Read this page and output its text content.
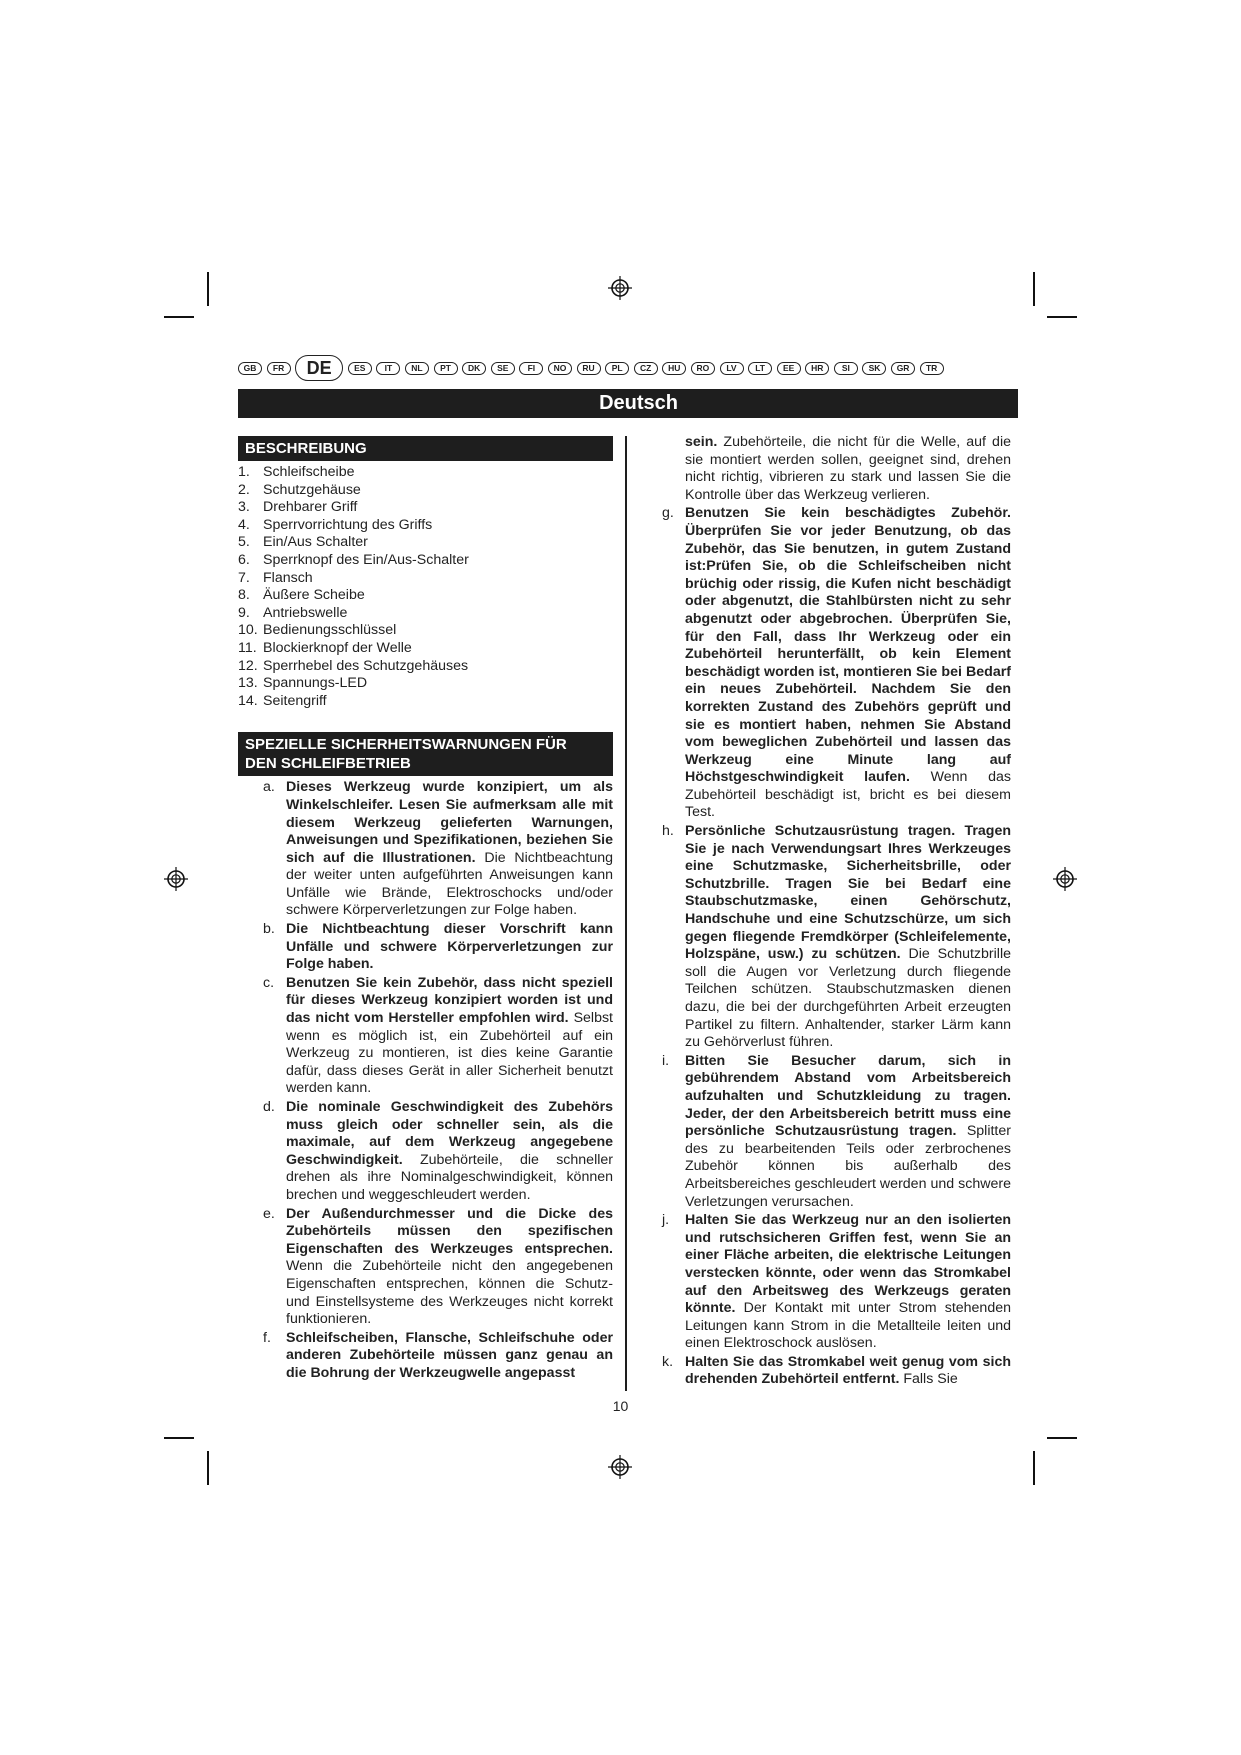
GB	FR	DE	ES	IT	NL	PT	DK	SE	FI	NO	RU	PL	CZ	HU	RO	LV	LT	EE	HR	SI	SK	GR	TR
Deutsch
BESCHREIBUNG
1. Schleifscheibe
2. Schutzgehäuse
3. Drehbarer Griff
4. Sperrvorrichtung des Griffs
5. Ein/Aus Schalter
6. Sperrknopf des Ein/Aus-Schalter
7. Flansch
8. Äußere Scheibe
9. Antriebswelle
10. Bedienungsschlüssel
11. Blockierknopf der Welle
12. Sperrhebel des Schutzgehäuses
13. Spannungs-LED
14. Seitengriff
SPEZIELLE SICHERHEITSWARNUNGEN FÜR
DEN SCHLEIFBETRIEB
a. Dieses Werkzeug wurde konzipiert, um als Winkelschleifer. Lesen Sie aufmerksam alle mit diesem Werkzeug gelieferten Warnungen, Anweisungen und Spezifikationen, beziehen Sie sich auf die Illustrationen. Die Nichtbeachtung der weiter unten aufgeführten Anweisungen kann Unfälle wie Brände, Elektroschocks und/oder schwere Körperverletzungen zur Folge haben.
b. Die Nichtbeachtung dieser Vorschrift kann Unfälle und schwere Körperverletzungen zur Folge haben.
c. Benutzen Sie kein Zubehör, dass nicht speziell für dieses Werkzeug konzipiert worden ist und das nicht vom Hersteller empfohlen wird. Selbst wenn es möglich ist, ein Zubehörteil auf ein Werkzeug zu montieren, ist dies keine Garantie dafür, dass dieses Gerät in aller Sicherheit benutzt werden kann.
d. Die nominale Geschwindigkeit des Zubehörs muss gleich oder schneller sein, als die maximale, auf dem Werkzeug angegebene Geschwindigkeit. Zubehörteile, die schneller drehen als ihre Nominalgeschwindigkeit, können brechen und weggeschleudert werden.
e. Der Außendurchmesser und die Dicke des Zubehörteils müssen den spezifischen Eigenschaften des Werkzeuges entsprechen. Wenn die Zubehörteile nicht den angegebenen Eigenschaften entsprechen, können die Schutz- und Einstellsysteme des Werkzeuges nicht korrekt funktionieren.
f.	Schleifscheiben, Flansche, Schleifschuhe oder anderen Zubehörteile müssen ganz genau an die Bohrung der Werkzeugwelle angepasst

sein. Zubehörteile, die nicht für die Welle, auf die sie montiert werden sollen, geeignet sind, drehen nicht richtig, vibrieren zu stark und lassen Sie die Kontrolle über das Werkzeug verlieren.

g. Benutzen Sie kein beschädigtes Zubehör. Überprüfen Sie vor jeder Benutzung, ob das Zubehör, das Sie benutzen, in gutem Zustand ist:Prüfen Sie, ob die Schleifscheiben nicht brüchig oder rissig, die Kufen nicht beschädigt oder abgenutzt, die Stahlbürsten nicht zu sehr abgenutzt oder abgebrochen. Überprüfen Sie, für den Fall, dass Ihr Werkzeug oder ein Zubehörteil herunterfällt, ob kein Element beschädigt worden ist, montieren Sie bei Bedarf ein neues Zubehörteil. Nachdem Sie den korrekten Zustand des Zubehörs geprüft und sie es montiert haben, nehmen Sie Abstand vom beweglichen Zubehörteil und lassen das Werkzeug eine Minute lang auf Höchstgeschwindigkeit laufen. Wenn das Zubehörteil beschädigt ist, bricht es bei diesem Test.
h. Persönliche Schutzausrüstung tragen. Tragen Sie je nach Verwendungsart Ihres Werkzeuges eine Schutzmaske, Sicherheitsbrille, oder Schutzbrille. Tragen Sie bei Bedarf eine Staubschutzmaske, einen Gehörschutz, Handschuhe und eine Schutzschürze, um sich gegen fliegende Fremdkörper (Schleifelemente, Holzspäne, usw.) zu schützen. Die Schutzbrille soll die Augen vor Verletzung durch fliegende Teilchen schützen. Staubschutzmasken dienen dazu, die bei der durchgeführten Arbeit erzeugten Partikel zu filtern. Anhaltender, starker Lärm kann zu Gehörverlust führen.
i.	Bitten Sie Besucher darum, sich in gebührendem Abstand vom Arbeitsbereich aufzuhalten und Schutzkleidung zu tragen. Jeder, der den Arbeitsbereich betritt muss eine persönliche Schutzausrüstung tragen. Splitter des zu bearbeitenden Teils oder zerbrochenes Zubehör können bis außerhalb des Arbeitsbereiches geschleudert werden und schwere Verletzungen verursachen.
j.	Halten Sie das Werkzeug nur an den isolierten und rutschsicheren Griffen fest, wenn Sie an einer Fläche arbeiten, die elektrische Leitungen verstecken könnte, oder wenn das Stromkabel auf den Arbeitsweg des Werkzeugs geraten könnte. Der Kontakt mit unter Strom stehenden Leitungen kann Strom in die Metallteile leiten und einen Elektroschock auslösen.
k. Halten Sie das Stromkabel weit genug vom sich drehenden Zubehörteil entfernt. Falls Sie
10
